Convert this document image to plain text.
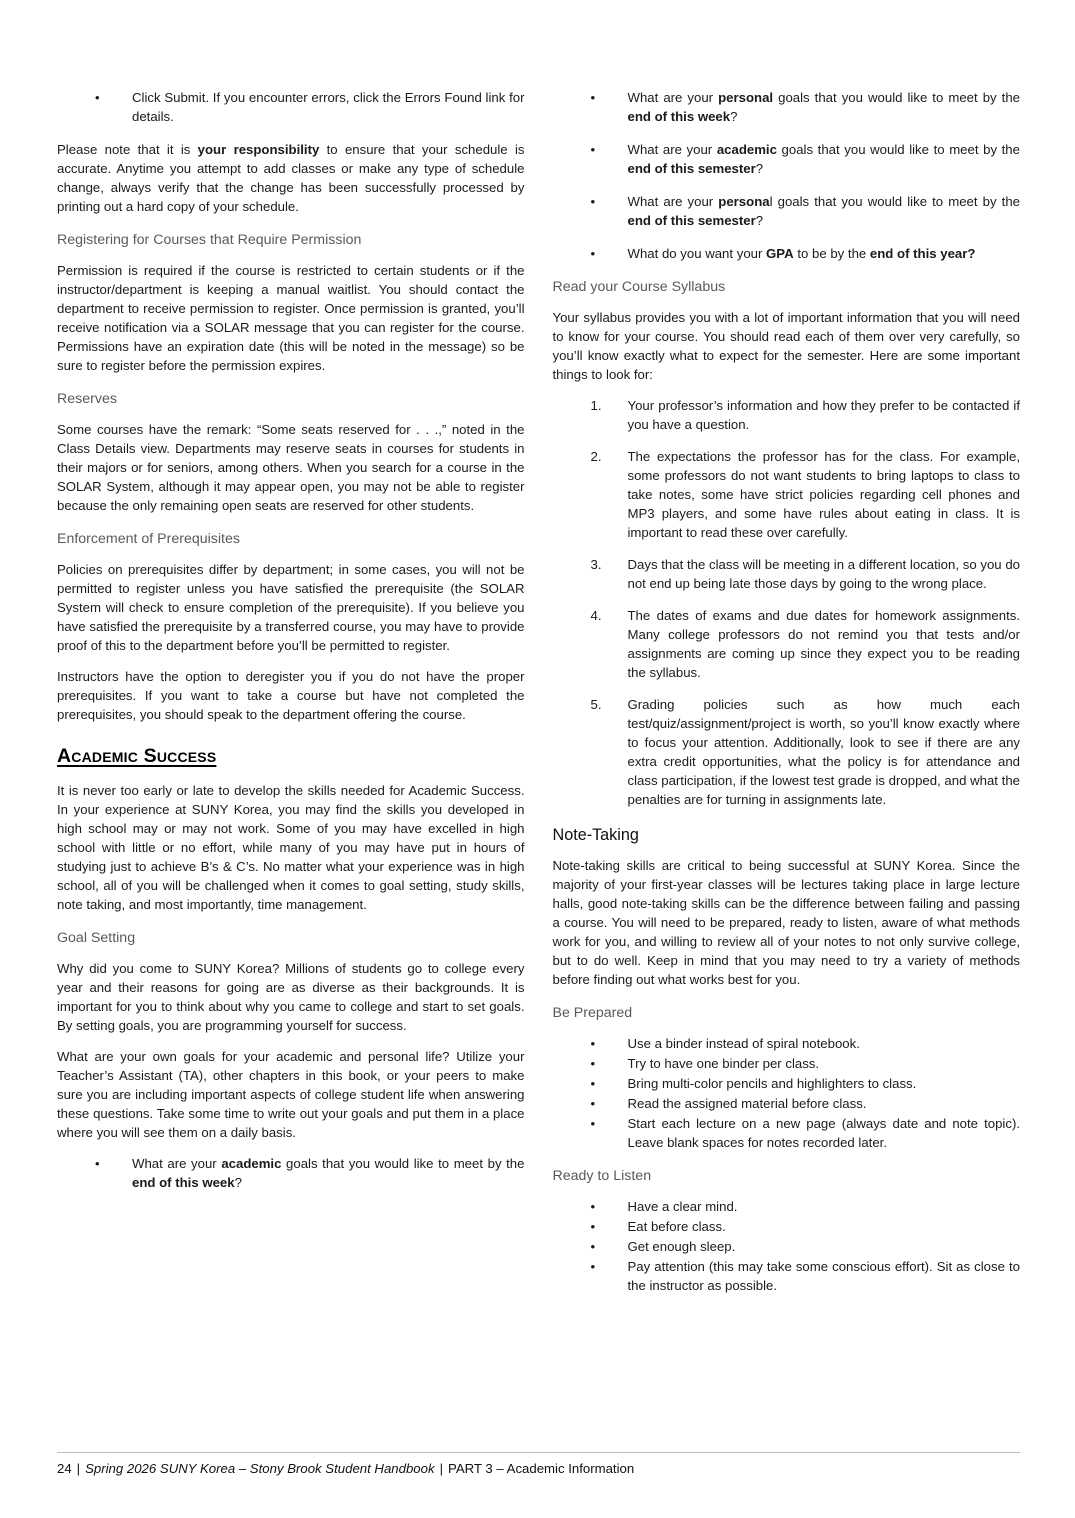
•	Click Submit. If you encounter errors, click the Errors Found link for details.

Please note that it is your responsibility to ensure that your schedule is accurate. Anytime you attempt to add classes or make any type of schedule change, always verify that the change has been successfully processed by printing out a hard copy of your schedule.

Registering for Courses that Require Permission

Permission is required if the course is restricted to certain students or if the instructor/department is keeping a manual waitlist. You should contact the department to receive permission to register. Once permission is granted, you’ll receive notification via a SOLAR message that you can register for the course. Permissions have an expiration date (this will be noted in the message) so be sure to register before the permission expires.

Reserves

Some courses have the remark: “Some seats reserved for . . .,” noted in the Class Details view. Departments may reserve seats in courses for students in their majors or for seniors, among others. When you search for a course in the SOLAR System, although it may appear open, you may not be able to register because the only remaining open seats are reserved for other students.

Enforcement of Prerequisites

Policies on prerequisites differ by department; in some cases, you will not be permitted to register unless you have satisfied the prerequisite (the SOLAR System will check to ensure completion of the prerequisite). If you believe you have satisfied the prerequisite by a transferred course, you may have to provide proof of this to the department before you’ll be permitted to register.

Instructors have the option to deregister you if you do not have the proper prerequisites. If you want to take a course but have not completed the prerequisites, you should speak to the department offering the course.

Academic Success

It is never too early or late to develop the skills needed for Academic Success. In your experience at SUNY Korea, you may find the skills you developed in high school may or may not work. Some of you may have excelled in high school with little or no effort, while many of you may have put in hours of studying just to achieve B’s & C’s. No matter what your experience was in high school, all of you will be challenged when it comes to goal setting, study skills, note taking, and most importantly, time management.

Goal Setting

Why did you come to SUNY Korea? Millions of students go to college every year and their reasons for going are as diverse as their backgrounds. It is important for you to think about why you came to college and start to set goals. By setting goals, you are programming yourself for success.

What are your own goals for your academic and personal life? Utilize your Teacher’s Assistant (TA), other chapters in this book, or your peers to make sure you are including important aspects of college student life when answering these questions. Take some time to write out your goals and put them in a place where you will see them on a daily basis.

•	What are your academic goals that you would like to meet by the end of this week?
•	What are your personal goals that you would like to meet by the end of this week?
•	What are your academic goals that you would like to meet by the end of this semester?
•	What are your personal goals that you would like to meet by the end of this semester?
•	What do you want your GPA to be by the end of this year?
Read your Course Syllabus

Your syllabus provides you with a lot of important information that you will need to know for your course. You should read each of them over very carefully, so you’ll know exactly what to expect for the semester. Here are some important things to look for:

1.	Your professor’s information and how they prefer to be contacted if you have a question.
2.	The expectations the professor has for the class. For example, some professors do not want students to bring laptops to class to take notes, some have strict policies regarding cell phones and MP3 players, and some have rules about eating in class. It is important to read these over carefully.
3.	Days that the class will be meeting in a different location, so you do not end up being late those days by going to the wrong place.
4.	The dates of exams and due dates for homework assignments. Many college professors do not remind you that tests and/or assignments are coming up since they expect you to be reading the syllabus.
5.	Grading policies such as how much each test/quiz/assignment/project is worth, so you’ll know exactly where to focus your attention. Additionally, look to see if there are any extra credit opportunities, what the policy is for attendance and class participation, if the lowest test grade is dropped, and what the penalties are for turning in assignments late.
Note-Taking

Note-taking skills are critical to being successful at SUNY Korea. Since the majority of your first-year classes will be lectures taking place in large lecture halls, good note-taking skills can be the difference between failing and passing a course. You will need to be prepared, ready to listen, aware of what methods work for you, and willing to review all of your notes to not only survive college, but to do well. Keep in mind that you may need to try a variety of methods before finding out what works best for you.

Be Prepared
•	Use a binder instead of spiral notebook.
•	Try to have one binder per class.
•	Bring multi-color pencils and highlighters to class.
•	Read the assigned material before class.
•	Start each lecture on a new page (always date and note topic). Leave blank spaces for notes recorded later.
Ready to Listen
•	Have a clear mind.
•	Eat before class.
•	Get enough sleep.
•	Pay attention (this may take some conscious effort). Sit as close to the instructor as possible.
24 | Spring 2026 SUNY Korea – Stony Brook Student Handbook | PART 3 – Academic Information
